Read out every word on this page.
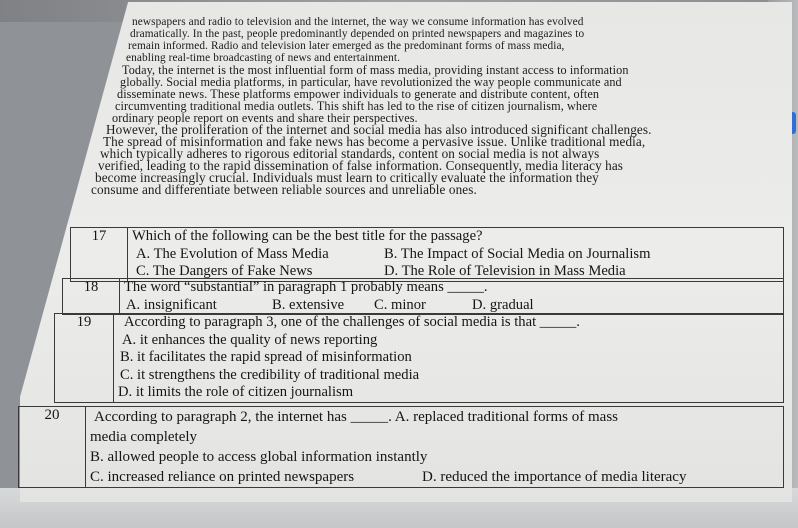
newspapers and radio to television and the internet, the way we consume information has evolved
dramatically. In the past, people predominantly depended on printed newspapers and magazines to
remain informed. Radio and television later emerged as the predominant forms of mass media,
enabling real-time broadcasting of news and entertainment.
Today, the internet is the most influential form of mass media, providing instant access to information
globally. Social media platforms, in particular, have revolutionized the way people communicate and
disseminate news. These platforms empower individuals to generate and distribute content, often
circumventing traditional media outlets. This shift has led to the rise of citizen journalism, where
ordinary people report on events and share their perspectives.
However, the proliferation of the internet and social media has also introduced significant challenges.
The spread of misinformation and fake news has become a pervasive issue. Unlike traditional media,
which typically adheres to rigorous editorial standards, content on social media is not always
verified, leading to the rapid dissemination of false information. Consequently, media literacy has
become increasingly crucial. Individuals must learn to critically evaluate the information they
consume and differentiate between reliable sources and unreliable ones.
17	Which of the following can be the best title for the passage?
A. The Evolution of Mass Media	B. The Impact of Social Media on Journalism
C. The Dangers of Fake News	D. The Role of Television in Mass Media
18	The word “substantial” in paragraph 1 probably means _____.
A. insignificant	B. extensive C. minor	D. gradual
19	According to paragraph 3, one of the challenges of social media is that _____.
A. it enhances the quality of news reporting
B. it facilitates the rapid spread of misinformation
C. it strengthens the credibility of traditional media
D. it limits the role of citizen journalism
20	According to paragraph 2, the internet has _____. A. replaced traditional forms of mass
media completely
B. allowed people to access global information instantly
C. increased reliance on printed newspapers	D. reduced the importance of media literacy
